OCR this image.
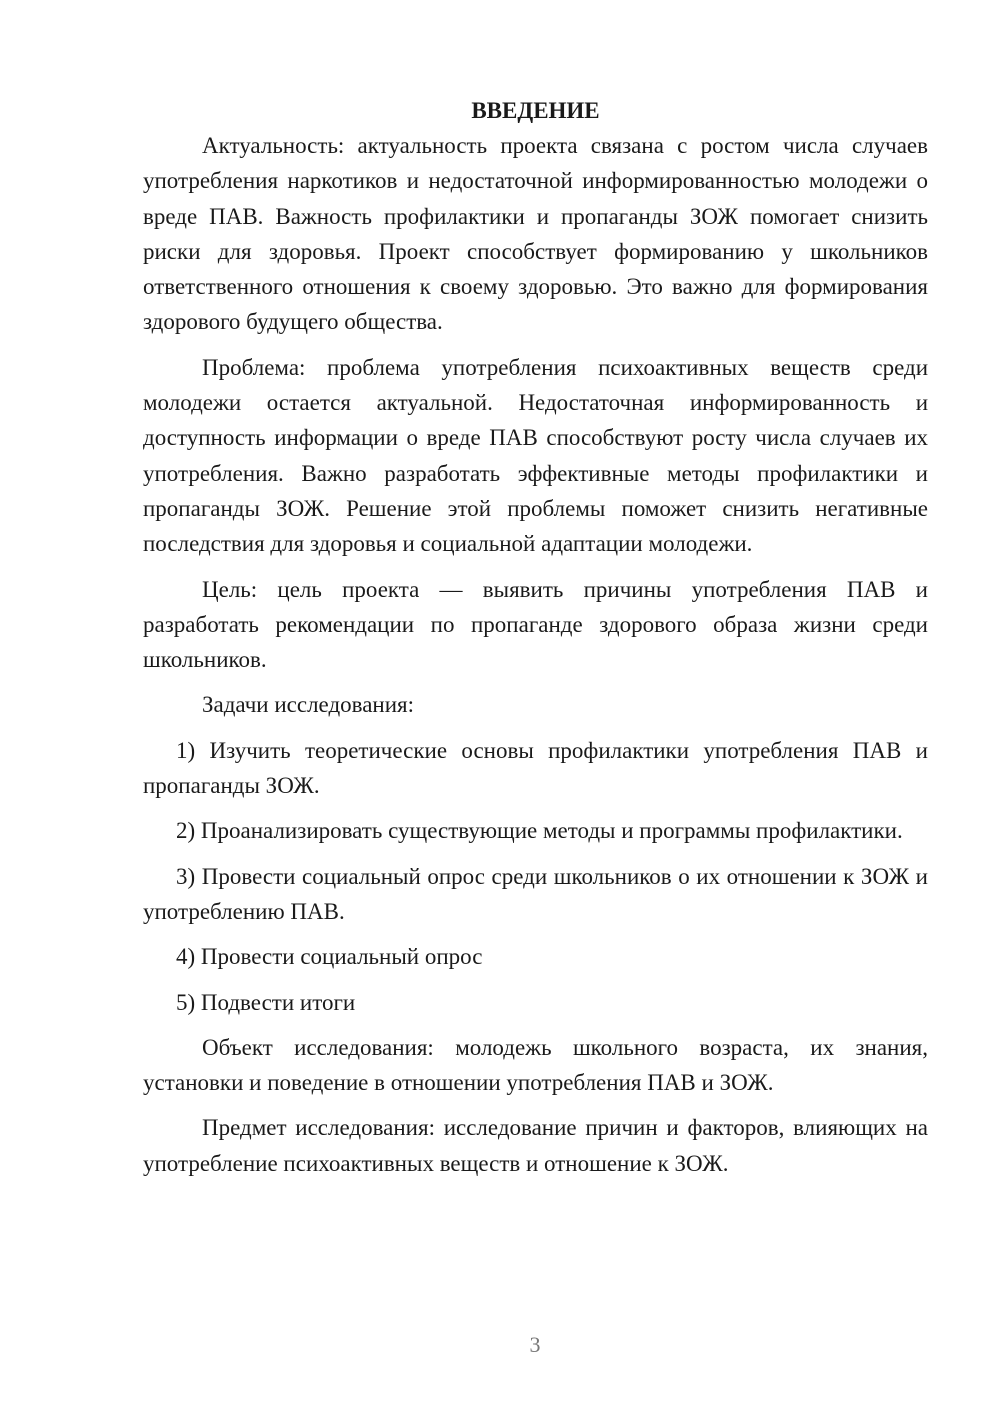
ВВЕДЕНИЕ

Актуальность: актуальность проекта связана с ростом числа случаев употребления наркотиков и недостаточной информированностью молодежи о вреде ПАВ. Важность профилактики и пропаганды ЗОЖ помогает снизить риски для здоровья. Проект способствует формированию у школьников ответственного отношения к своему здоровью. Это важно для формирования здорового будущего общества.

Проблема: проблема употребления психоактивных веществ среди молодежи остается актуальной. Недостаточная информированность и доступность информации о вреде ПАВ способствуют росту числа случаев их употребления. Важно разработать эффективные методы профилактики и пропаганды ЗОЖ. Решение этой проблемы поможет снизить негативные последствия для здоровья и социальной адаптации молодежи.

Цель: цель проекта — выявить причины употребления ПАВ и разработать рекомендации по пропаганде здорового образа жизни среди школьников.

Задачи исследования:

1) Изучить теоретические основы профилактики употребления ПАВ и пропаганды ЗОЖ.

2) Проанализировать существующие методы и программы профилактики.

3) Провести социальный опрос среди школьников о их отношении к ЗОЖ и употреблению ПАВ.

4) Провести социальный опрос

5) Подвести итоги

Объект исследования: молодежь школьного возраста, их знания, установки и поведение в отношении употребления ПАВ и ЗОЖ.

Предмет исследования: исследование причин и факторов, влияющих на употребление психоактивных веществ и отношение к ЗОЖ.

3
